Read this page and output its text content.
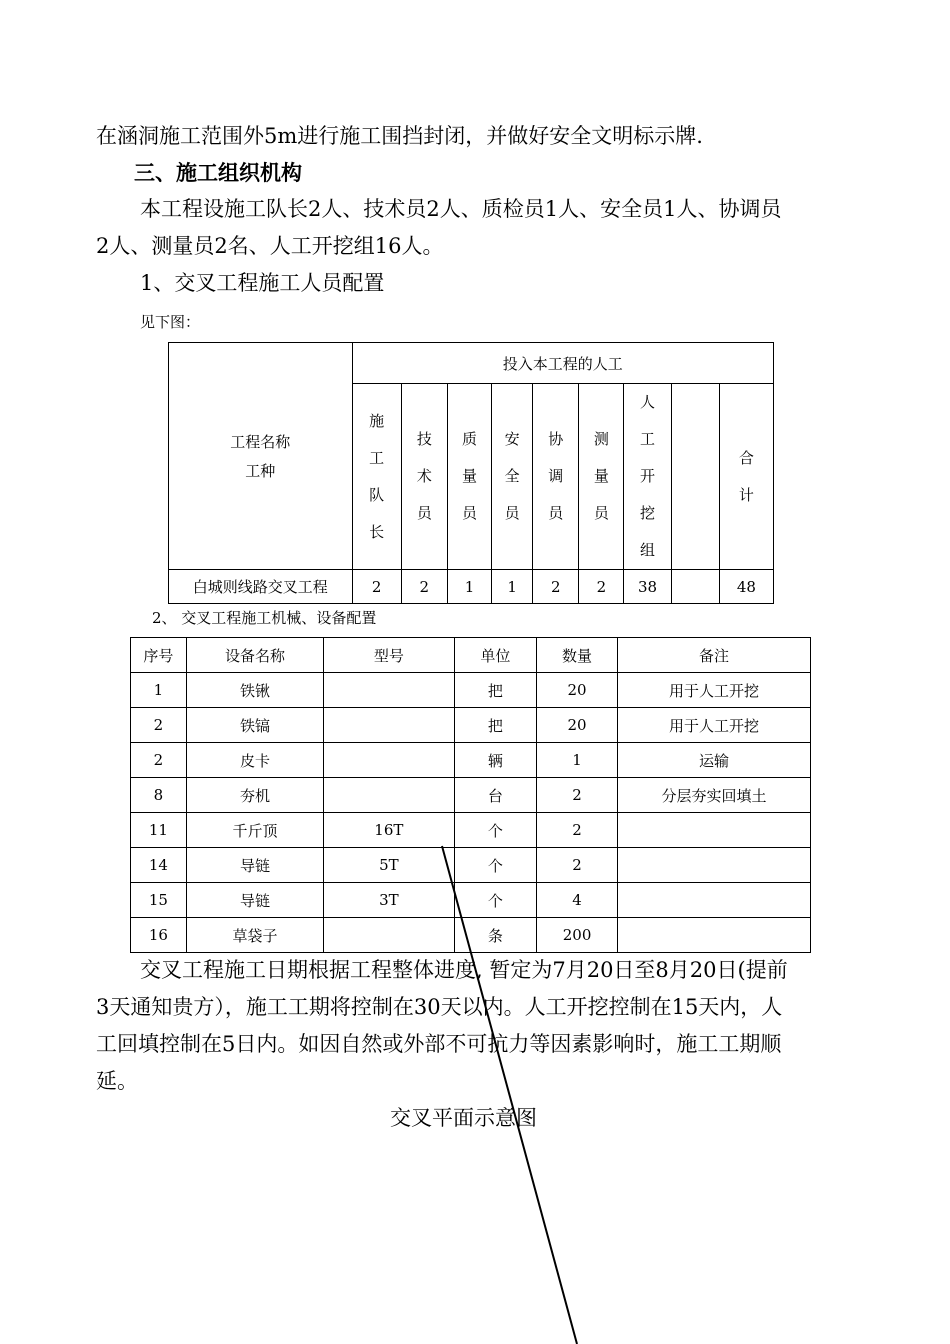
在涵洞施工范围外5m进行施工围挡封闭，并做好安全文明标示牌.
三、施工组织机构
本工程设施工队长2人、技术员2人、质检员1人、安全员1人、协调员
2人、测量员2名、人工开挖组16人。
1、交叉工程施工人员配置
见下图：
工程名称
工种	投入本工程的人工								

	施工队长	技术员	质量员	安全员	协调员	测量员	人工开挖组		合计

白城则线路交叉工程	2	2	1	1	2	2	38		48
2、 交叉工程施工机械、设备配置
序号	设备名称	型号	单位	数量	备注
1	铁锹		把	20	用于人工开挖
2	铁镐		把	20	用于人工开挖
2	皮卡		辆	1	运输
8	夯机		台	2	分层夯实回填土
11	千斤顶	16T	个	2	
14	导链	5T	个	2	
15	导链	3T	个	4	
16	草袋子		条	200	
交叉工程施工日期根据工程整体进度, 暂定为7月20日至8月20日(提前
3天通知贵方），施工工期将控制在30天以内。人工开挖控制在15天内，人
工回填控制在5日内。如因自然或外部不可抗力等因素影响时，施工工期顺
延。
交叉平面示意图
